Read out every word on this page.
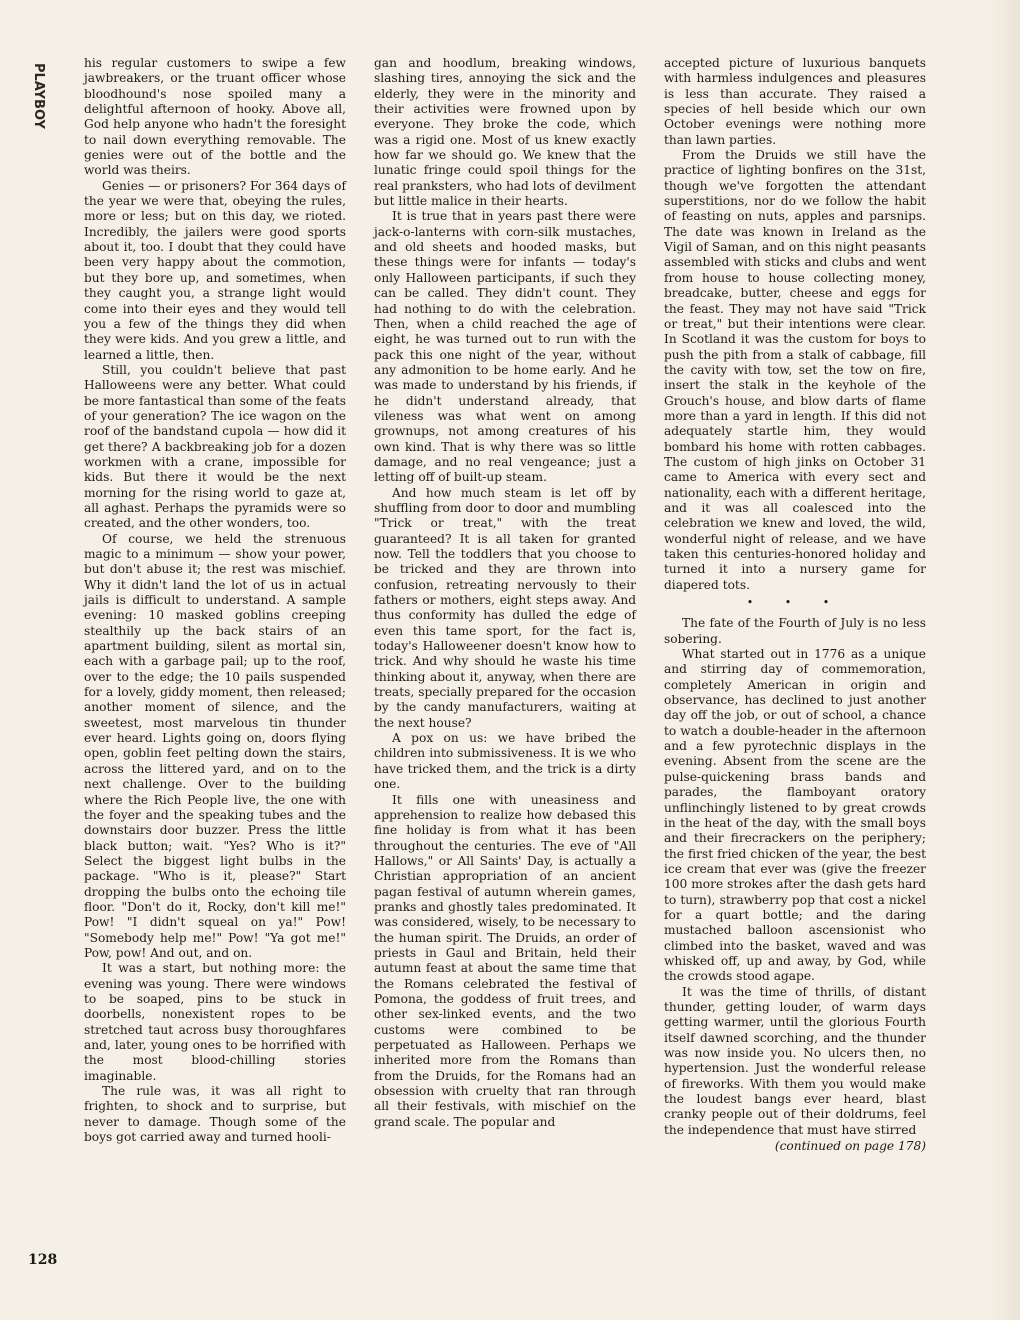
PLAYBOY	his regular customers to swipe a few jawbreakers, or the truant officer whose bloodhound's nose spoiled many a delightful afternoon of hooky. Above all, God help anyone who hadn't the foresight to nail down everything removable. The genies were out of the bottle and the world was theirs.

Genies — or prisoners? For 364 days of the year we were that, obeying the rules, more or less; but on this day, we rioted. Incredibly, the jailers were good sports about it, too. I doubt that they could have been very happy about the commotion, but they bore up, and sometimes, when they caught you, a strange light would come into their eyes and they would tell you a few of the things they did when they were kids. And you grew a little, and learned a little, then.

Still, you couldn't believe that past Halloweens were any better. What could be more fantastical than some of the feats of your generation? The ice wagon on the roof of the bandstand cupola — how did it get there? A backbreaking job for a dozen workmen with a crane, impossible for kids. But there it would be the next morning for the rising world to gaze at, all aghast. Perhaps the pyramids were so created, and the other wonders, too.

Of course, we held the strenuous magic to a minimum — show your power, but don't abuse it; the rest was mischief. Why it didn't land the lot of us in actual jails is difficult to understand. A sample evening: 10 masked goblins creeping stealthily up the back stairs of an apartment building, silent as mortal sin, each with a garbage pail; up to the roof, over to the edge; the 10 pails suspended for a lovely, giddy moment, then released; another moment of silence, and the sweetest, most marvelous tin thunder ever heard. Lights going on, doors flying open, goblin feet pelting down the stairs, across the littered yard, and on to the next challenge. Over to the building where the Rich People live, the one with the foyer and the speaking tubes and the downstairs door buzzer. Press the little black button; wait. "Yes? Who is it?" Select the biggest light bulbs in the package. "Who is it, please?" Start dropping the bulbs onto the echoing tile floor. "Don't do it, Rocky, don't kill me!" Pow! "I didn't squeal on ya!" Pow! "Somebody help me!" Pow! "Ya got me!" Pow, pow! And out, and on.

It was a start, but nothing more: the evening was young. There were windows to be soaped, pins to be stuck in doorbells, nonexistent ropes to be stretched taut across busy thoroughfares and, later, young ones to be horrified with the most blood-chilling stories imaginable.

The rule was, it was all right to frighten, to shock and to surprise, but never to damage. Though some of the boys got carried away and turned hooli-

gan and hoodlum, breaking windows, slashing tires, annoying the sick and the elderly, they were in the minority and their activities were frowned upon by everyone. They broke the code, which was a rigid one. Most of us knew exactly how far we should go. We knew that the lunatic fringe could spoil things for the real pranksters, who had lots of devilment but little malice in their hearts.

It is true that in years past there were jack-o-lanterns with corn-silk mustaches, and old sheets and hooded masks, but these things were for infants — today's only Halloween participants, if such they can be called. They didn't count. They had nothing to do with the celebration. Then, when a child reached the age of eight, he was turned out to run with the pack this one night of the year, without any admonition to be home early. And he was made to understand by his friends, if he didn't understand already, that vileness was what went on among grownups, not among creatures of his own kind. That is why there was so little damage, and no real vengeance; just a letting off of built-up steam.

And how much steam is let off by shuffling from door to door and mumbling "Trick or treat," with the treat guaranteed? It is all taken for granted now. Tell the toddlers that you choose to be tricked and they are thrown into confusion, retreating nervously to their fathers or mothers, eight steps away. And thus conformity has dulled the edge of even this tame sport, for the fact is, today's Halloweener doesn't know how to trick. And why should he waste his time thinking about it, anyway, when there are treats, specially prepared for the occasion by the candy manufacturers, waiting at the next house?

A pox on us: we have bribed the children into submissiveness. It is we who have tricked them, and the trick is a dirty one.

It fills one with uneasiness and apprehension to realize how debased this fine holiday is from what it has been throughout the centuries. The eve of "All Hallows," or All Saints' Day, is actually a Christian appropriation of an ancient pagan festival of autumn wherein games, pranks and ghostly tales predominated. It was considered, wisely, to be necessary to the human spirit. The Druids, an order of priests in Gaul and Britain, held their autumn feast at about the same time that the Romans celebrated the festival of Pomona, the goddess of fruit trees, and other sex-linked events, and the two customs were combined to be perpetuated as Halloween. Perhaps we inherited more from the Romans than from the Druids, for the Romans had an obsession with cruelty that ran through all their festivals, with mischief on the grand scale. The popular and

accepted picture of luxurious banquets with harmless indulgences and pleasures is less than accurate. They raised a species of hell beside which our own October evenings were nothing more than lawn parties.

From the Druids we still have the practice of lighting bonfires on the 31st, though we've forgotten the attendant superstitions, nor do we follow the habit of feasting on nuts, apples and parsnips. The date was known in Ireland as the Vigil of Saman, and on this night peasants assembled with sticks and clubs and went from house to house collecting money, breadcake, butter, cheese and eggs for the feast. They may not have said "Trick or treat," but their intentions were clear. In Scotland it was the custom for boys to push the pith from a stalk of cabbage, fill the cavity with tow, set the tow on fire, insert the stalk in the keyhole of the Grouch's house, and blow darts of flame more than a yard in length. If this did not adequately startle him, they would bombard his home with rotten cabbages. The custom of high jinks on October 31 came to America with every sect and nationality, each with a different heritage, and it was all coalesced into the celebration we knew and loved, the wild, wonderful night of release, and we have taken this centuries-honored holiday and turned it into a nursery game for diapered tots.

• • •

The fate of the Fourth of July is no less sobering.

What started out in 1776 as a unique and stirring day of commemoration, completely American in origin and observance, has declined to just another day off the job, or out of school, a chance to watch a double-header in the afternoon and a few pyrotechnic displays in the evening. Absent from the scene are the pulse-quickening brass bands and parades, the flamboyant oratory unflinchingly listened to by great crowds in the heat of the day, with the small boys and their firecrackers on the periphery; the first fried chicken of the year, the best ice cream that ever was (give the freezer 100 more strokes after the dash gets hard to turn), strawberry pop that cost a nickel for a quart bottle; and the daring mustached balloon ascensionist who climbed into the basket, waved and was whisked off, up and away, by God, while the crowds stood agape.

It was the time of thrills, of distant thunder, getting louder, of warm days getting warmer, until the glorious Fourth itself dawned scorching, and the thunder was now inside you. No ulcers then, no hypertension. Just the wonderful release of fireworks. With them you would make the loudest bangs ever heard, blast cranky people out of their doldrums, feel the independence that must have stirred

(continued on page 178)
128
